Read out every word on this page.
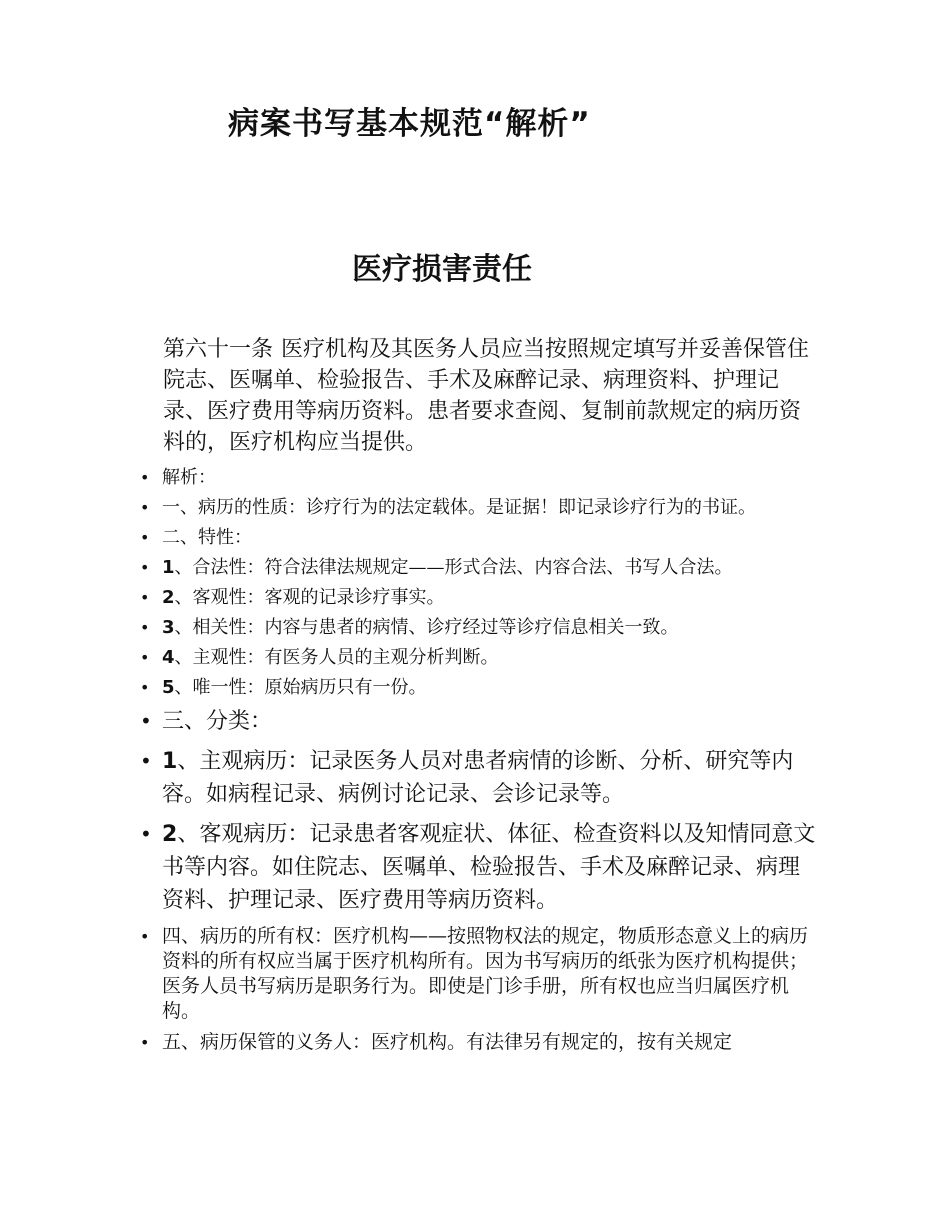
病案书写基本规范“解析”
医疗损害责任

第六十一条 医疗机构及其医务人员应当按照规定填写并妥善保管住院志、医嘱单、检验报告、手术及麻醉记录、病理资料、护理记录、医疗费用等病历资料。患者要求查阅、复制前款规定的病历资料的，医疗机构应当提供。

• 解析：
• 一、病历的性质：诊疗行为的法定载体。是证据！即记录诊疗行为的书证。
• 二、特性：
• 1、合法性：符合法律法规规定——形式合法、内容合法、书写人合法。
• 2、客观性：客观的记录诊疗事实。
• 3、相关性：内容与患者的病情、诊疗经过等诊疗信息相关一致。
• 4、主观性：有医务人员的主观分析判断。
• 5、唯一性：原始病历只有一份。
• 三、分类：
• 1、主观病历：记录医务人员对患者病情的诊断、分析、研究等内容。如病程记录、病例讨论记录、会诊记录等。
• 2、客观病历：记录患者客观症状、体征、检查资料以及知情同意文书等内容。如住院志、医嘱单、检验报告、手术及麻醉记录、病理资料、护理记录、医疗费用等病历资料。
• 四、病历的所有权：医疗机构——按照物权法的规定，物质形态意义上的病历资料的所有权应当属于医疗机构所有。因为书写病历的纸张为医疗机构提供；医务人员书写病历是职务行为。即使是门诊手册，所有权也应当归属医疗机构。
• 五、病历保管的义务人：医疗机构。有法律另有规定的，按有关规定
